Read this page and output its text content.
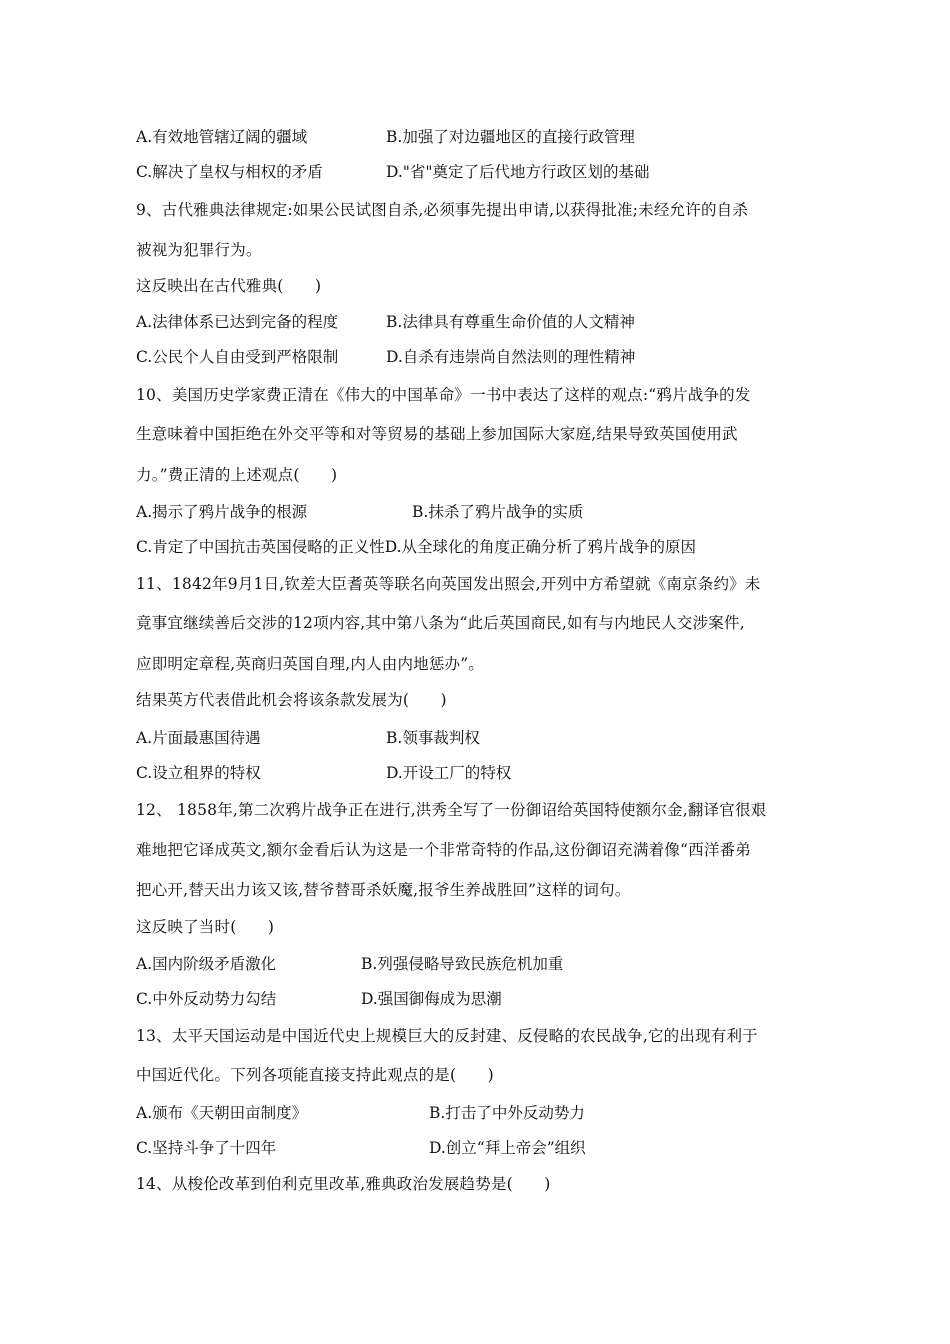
A.有效地管辖辽阔的疆域	B.加强了对边疆地区的直接行政管理
C.解决了皇权与相权的矛盾	D."省"奠定了后代地方行政区划的基础
9、古代雅典法律规定:如果公民试图自杀,必须事先提出申请,以获得批准;未经允许的自杀
被视为犯罪行为。
这反映出在古代雅典(　　)
A.法律体系已达到完备的程度	B.法律具有尊重生命价值的人文精神
C.公民个人自由受到严格限制	D.自杀有违崇尚自然法则的理性精神
10、美国历史学家费正清在《伟大的中国革命》一书中表达了这样的观点:“鸦片战争的发
生意味着中国拒绝在外交平等和对等贸易的基础上参加国际大家庭,结果导致英国使用武
力。”费正清的上述观点(　　)
A.揭示了鸦片战争的根源	B.抹杀了鸦片战争的实质
C.肯定了中国抗击英国侵略的正义性D.从全球化的角度正确分析了鸦片战争的原因
11、1842年9月1日,钦差大臣耆英等联名向英国发出照会,开列中方希望就《南京条约》未
竟事宜继续善后交涉的12项内容,其中第八条为“此后英国商民,如有与内地民人交涉案件,
应即明定章程,英商归英国自理,内人由内地惩办”。
结果英方代表借此机会将该条款发展为(　　)
A.片面最惠国待遇	B.领事裁判权
C.设立租界的特权	D.开设工厂的特权
12、 1858年,第二次鸦片战争正在进行,洪秀全写了一份御诏给英国特使额尔金,翻译官很艰
难地把它译成英文,额尔金看后认为这是一个非常奇特的作品,这份御诏充满着像“西洋番弟
把心开,替天出力该又该,替爷替哥杀妖魔,报爷生养战胜回”这样的词句。
这反映了当时(　　)
A.国内阶级矛盾激化	B.列强侵略导致民族危机加重
C.中外反动势力勾结	D.强国御侮成为思潮
13、太平天国运动是中国近代史上规模巨大的反封建、反侵略的农民战争,它的出现有利于
中国近代化。下列各项能直接支持此观点的是(　　)
A.颁布《天朝田亩制度》	B.打击了中外反动势力
C.坚持斗争了十四年	D.创立“拜上帝会”组织
14、从梭伦改革到伯利克里改革,雅典政治发展趋势是(　　)
